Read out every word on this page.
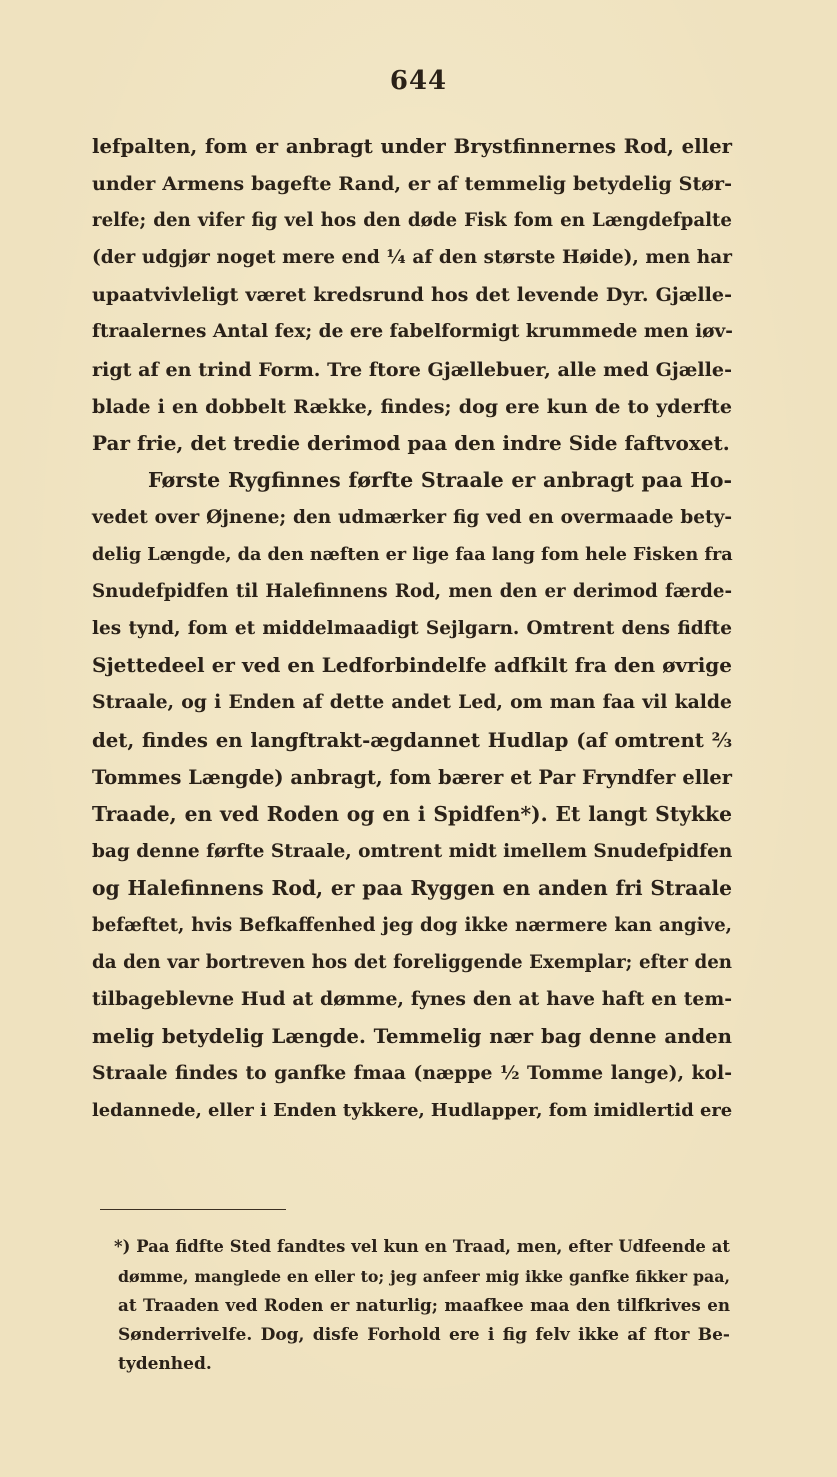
644
lefpalten, fom er anbragt under Brystfinnernes Rod, eller
under Armens bagefte Rand, er af temmelig betydelig Stør-
relfe; den vifer fig vel hos den døde Fisk fom en Længdefpalte
(der udgjør noget mere end ¼ af den største Høide), men har
upaatvivleligt været kredsrund hos det levende Dyr. Gjælle-
ftraalernes Antal fex; de ere fabelformigt krummede men iøv-
rigt af en trind Form. Tre ftore Gjællebuer, alle med Gjælle-
blade i en dobbelt Række, findes; dog ere kun de to yderfte
Par frie, det tredie derimod paa den indre Side faftvoxet.
Første Rygfinnes førfte Straale er anbragt paa Ho-
vedet over Øjnene; den udmærker fig ved en overmaade bety-
delig Længde, da den næften er lige faa lang fom hele Fisken fra
Snudefpidfen til Halefinnens Rod, men den er derimod færde-
les tynd, fom et middelmaadigt Sejlgarn. Omtrent dens fidfte
Sjettedeel er ved en Ledforbindelfe adfkilt fra den øvrige
Straale, og i Enden af dette andet Led, om man faa vil kalde
det, findes en langftrakt-ægdannet Hudlap (af omtrent ⅔
Tommes Længde) anbragt, fom bærer et Par Fryndfer eller
Traade, en ved Roden og en i Spidfen*). Et langt Stykke
bag denne førfte Straale, omtrent midt imellem Snudefpidfen
og Halefinnens Rod, er paa Ryggen en anden fri Straale
befæftet, hvis Befkaffenhed jeg dog ikke nærmere kan angive,
da den var bortreven hos det foreliggende Exemplar; efter den
tilbageblevne Hud at dømme, fynes den at have haft en tem-
melig betydelig Længde. Temmelig nær bag denne anden
Straale findes to ganfke fmaa (næppe ½ Tomme lange), kol-
ledannede, eller i Enden tykkere, Hudlapper, fom imidlertid ere
*) Paa fidfte Sted fandtes vel kun en Traad, men, efter Udfeende at
dømme, manglede en eller to; jeg anfeer mig ikke ganfke fikker paa,
at Traaden ved Roden er naturlig; maafkee maa den tilfkrives en
Sønderrivelfe. Dog, disfe Forhold ere i fig felv ikke af ftor Be-
tydenhed.
